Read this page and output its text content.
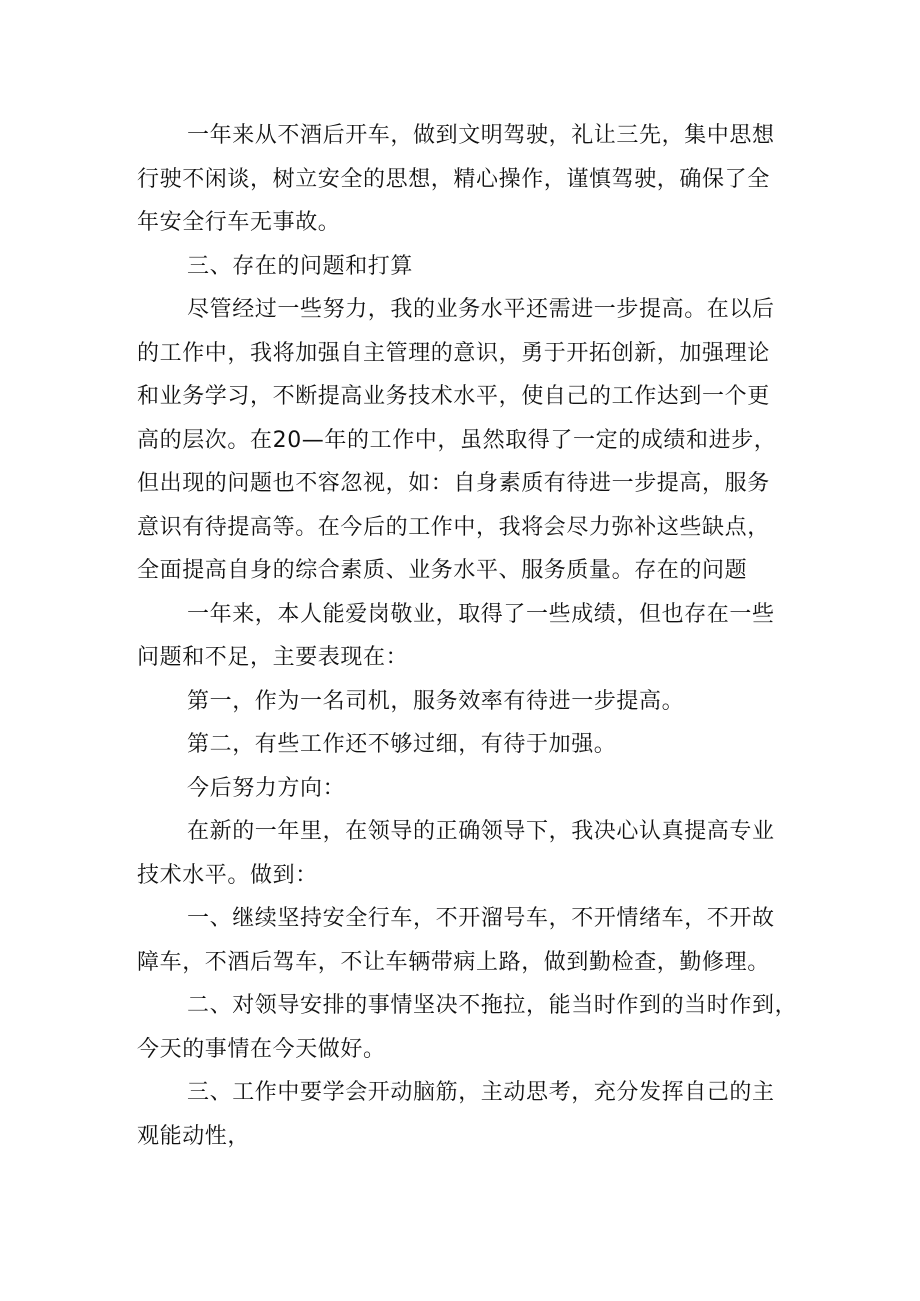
一年来从不酒后开车，做到文明驾驶，礼让三先，集中思想
行驶不闲谈，树立安全的思想，精心操作，谨慎驾驶，确保了全
年安全行车无事故。
三、存在的问题和打算
尽管经过一些努力，我的业务水平还需进一步提高。在以后
的工作中，我将加强自主管理的意识，勇于开拓创新，加强理论
和业务学习，不断提高业务技术水平，使自己的工作达到一个更
高的层次。在20—年的工作中，虽然取得了一定的成绩和进步，
但出现的问题也不容忽视，如：自身素质有待进一步提高，服务
意识有待提高等。在今后的工作中，我将会尽力弥补这些缺点，
全面提高自身的综合素质、业务水平、服务质量。存在的问题
一年来，本人能爱岗敬业，取得了一些成绩，但也存在一些
问题和不足，主要表现在：
第一，作为一名司机，服务效率有待进一步提高。
第二，有些工作还不够过细，有待于加强。
今后努力方向：
在新的一年里，在领导的正确领导下，我决心认真提高专业
技术水平。做到：
一、继续坚持安全行车，不开溜号车，不开情绪车，不开故
障车，不酒后驾车，不让车辆带病上路，做到勤检查，勤修理。
二、对领导安排的事情坚决不拖拉，能当时作到的当时作到，
今天的事情在今天做好。
三、工作中要学会开动脑筋，主动思考，充分发挥自己的主
观能动性，
